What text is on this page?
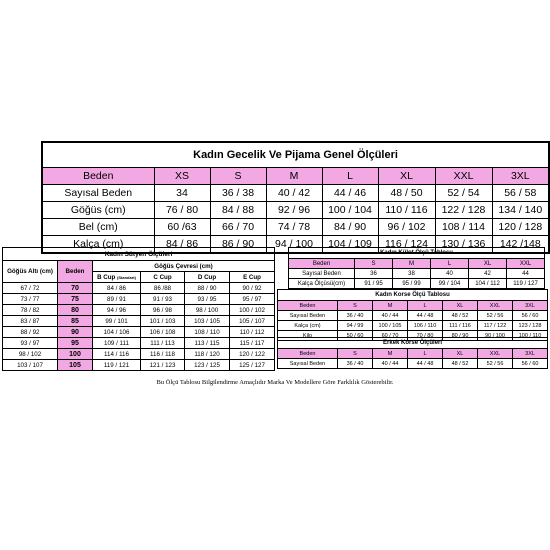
Kadın Gecelik Ve Pijama Genel Ölçüleri							
Beden	XS	S	M	L	XL	XXL	3XL
Sayısal Beden	34	36 / 38	40 / 42	44 / 46	48 / 50	52 / 54	56 / 58
Göğüs (cm)	76 / 80	84 / 88	92 / 96	100 / 104	110 / 116	122 / 128	134 / 140
Bel (cm)	60 /63	66 / 70	74 / 78	84 / 90	96 / 102	108 / 114	120 / 128
Kalça (cm)	84 / 86	86 / 90	94 / 100	104 / 109	116 / 124	130 / 136	142 /148
Kadın Sütyen Ölçüleri					
Göğüs Altı (cm)	Beden	Göğüs Çevresi (cm)			
		B Cup (Standart)	C Cup	D Cup	E Cup
67 / 72	70	84 / 86	86 /88	88 / 90	90 / 92
73 / 77	75	89 / 91	91 / 93	93 / 95	95 / 97
78 / 82	80	94 / 96	96 / 98	98 / 100	100 / 102
83 / 87	85	99 / 101	101 / 103	103 / 105	105 / 107
88 / 92	90	104 / 106	106 / 108	108 / 110	110 / 112
93 / 97	95	109 / 111	111 / 113	113 / 115	115 / 117
98 / 102	100	114 / 116	116 / 118	118 / 120	120 / 122
103 / 107	105	119 / 121	121 / 123	123 / 125	125 / 127
Kadın Külot Ölçü Tablosu					
Beden	S	M	L	XL	XXL
Sayısal Beden	36	38	40	42	44
Kalça Ölçüsü(cm)	91 / 95	95 / 99	99 / 104	104 / 112	119 / 127
Kadın Korse Ölçü Tablosu						
Beden	S	M	L	XL	XXL	3XL
Sayısal Beden	36 / 40	40 / 44	44 / 48	48 / 52	52 / 56	56 / 60
Kalça (cm)	94 / 99	100 / 105	106 / 110	111 / 116	117 / 122	123 / 128
Kilo	50 / 60	60 / 70	70 / 80	80 / 90	90 / 100	100 / 110
Erkek Korse Ölçüleri						
Beden	S	M	L	XL	XXL	3XL
Sayısal Beden	36 / 40	40 / 44	44 / 48	48 / 52	52 / 56	56 / 60
Bu Ölçü Tablosu Bilgilendirme Amaçlıdır Marka Ve Modellere Göre Farklılık Gösterebilir.
